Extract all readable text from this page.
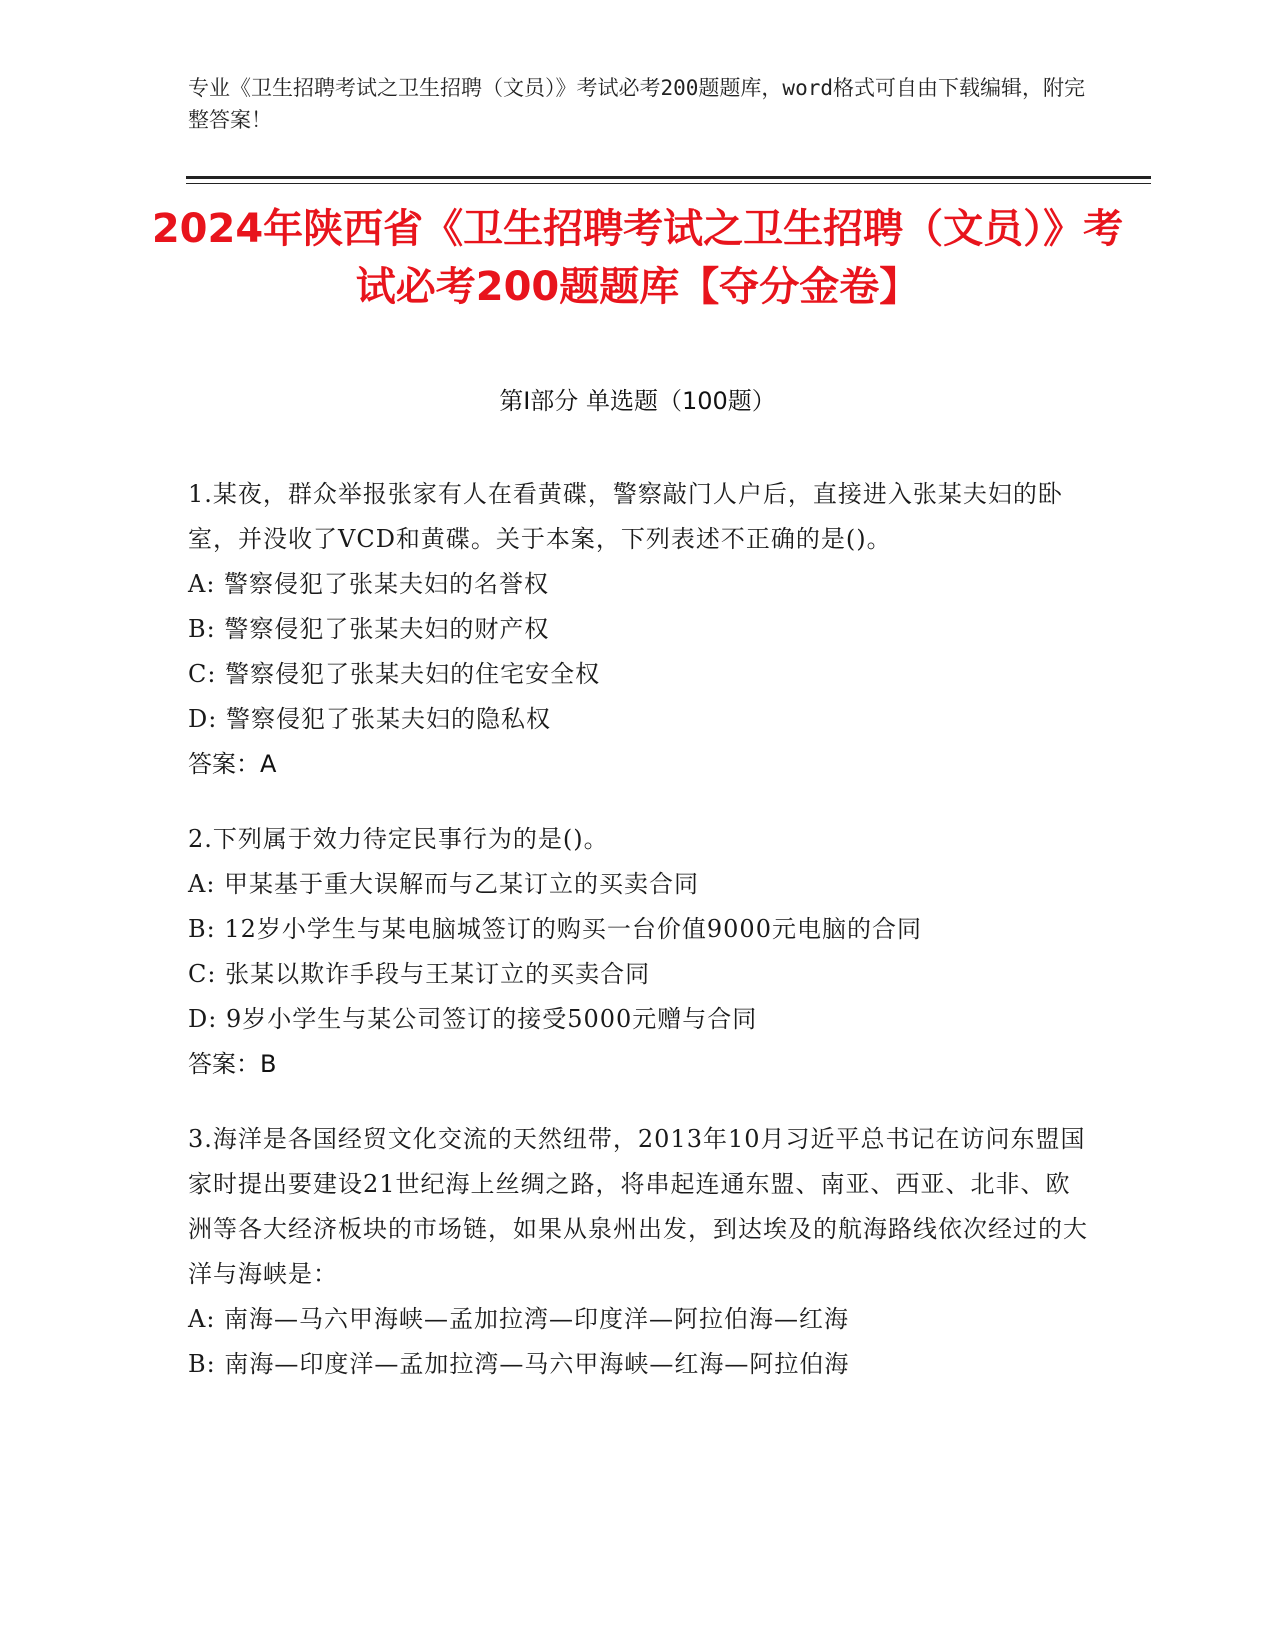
专业《卫生招聘考试之卫生招聘（文员）》考试必考200题题库，word格式可自由下载编辑，附完整答案！
2024年陕西省《卫生招聘考试之卫生招聘（文员）》考试必考200题题库【夺分金卷】
第Ⅰ部分 单选题（100题）
1.某夜，群众举报张家有人在看黄碟，警察敲门人户后，直接进入张某夫妇的卧室，并没收了VCD和黄碟。关于本案，下列表述不正确的是()。
A: 警察侵犯了张某夫妇的名誉权
B: 警察侵犯了张某夫妇的财产权
C: 警察侵犯了张某夫妇的住宅安全权
D: 警察侵犯了张某夫妇的隐私权
答案：A
2.下列属于效力待定民事行为的是()。
A: 甲某基于重大误解而与乙某订立的买卖合同
B: 12岁小学生与某电脑城签订的购买一台价值9000元电脑的合同
C: 张某以欺诈手段与王某订立的买卖合同
D: 9岁小学生与某公司签订的接受5000元赠与合同
答案：B
3.海洋是各国经贸文化交流的天然纽带，2013年10月习近平总书记在访问东盟国家时提出要建设21世纪海上丝绸之路，将串起连通东盟、南亚、西亚、北非、欧洲等各大经济板块的市场链，如果从泉州出发，到达埃及的航海路线依次经过的大洋与海峡是：
A: 南海—马六甲海峡—孟加拉湾—印度洋—阿拉伯海—红海
B: 南海—印度洋—孟加拉湾—马六甲海峡—红海—阿拉伯海
